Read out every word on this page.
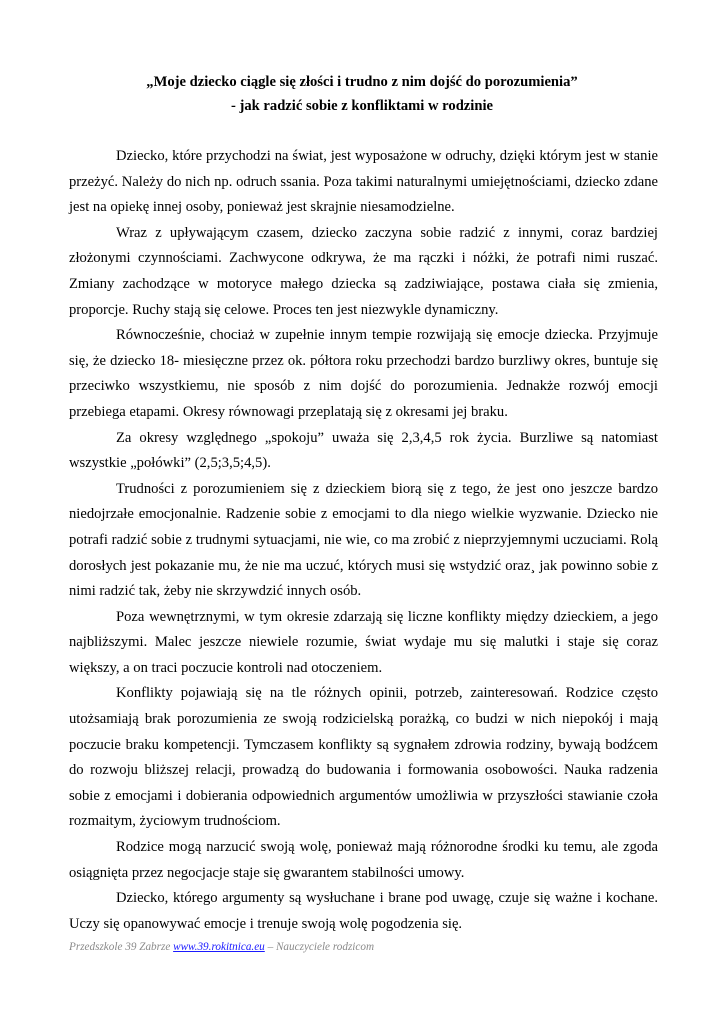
„Moje dziecko ciągle się złości i trudno z nim dojść do porozumienia”
- jak radzić sobie z konfliktami w rodzinie

Dziecko, które przychodzi na świat, jest wyposażone w odruchy, dzięki którym jest w stanie przeżyć. Należy do nich np. odruch ssania. Poza takimi naturalnymi umiejętnościami, dziecko zdane jest na opiekę innej osoby, ponieważ jest skrajnie niesamodzielne.

Wraz z upływającym czasem, dziecko zaczyna sobie radzić z innymi, coraz bardziej złożonymi czynnościami. Zachwycone odkrywa, że ma rączki i nóżki, że potrafi nimi ruszać. Zmiany zachodzące w motoryce małego dziecka są zadziwiające, postawa ciała się zmienia, proporcje. Ruchy stają się celowe. Proces ten jest niezwykle dynamiczny.

Równocześnie, chociaż w zupełnie innym tempie rozwijają się emocje dziecka. Przyjmuje się, że dziecko 18- miesięczne przez ok. półtora roku przechodzi bardzo burzliwy okres, buntuje się przeciwko wszystkiemu, nie sposób z nim dojść do porozumienia. Jednakże rozwój emocji przebiega etapami. Okresy równowagi przeplatają się z okresami jej braku.

Za okresy względnego „spokoju” uważa się 2,3,4,5 rok życia. Burzliwe są natomiast wszystkie „połówki” (2,5;3,5;4,5).

Trudności z porozumieniem się z dzieckiem biorą się z tego, że jest ono jeszcze bardzo niedojrzałe emocjonalnie. Radzenie sobie z emocjami to dla niego wielkie wyzwanie. Dziecko nie potrafi radzić sobie z trudnymi sytuacjami, nie wie, co ma zrobić z nieprzyjemnymi uczuciami. Rolą dorosłych jest pokazanie mu, że nie ma uczuć, których musi się wstydzić oraz¸ jak powinno sobie z nimi radzić tak, żeby nie skrzywdzić innych osób.

Poza wewnętrznymi, w tym okresie zdarzają się liczne konflikty między dzieckiem, a jego najbliższymi. Malec jeszcze niewiele rozumie, świat wydaje mu się malutki i staje się coraz większy, a on traci poczucie kontroli nad otoczeniem.

Konflikty pojawiają się na tle różnych opinii, potrzeb, zainteresowań. Rodzice często utożsamiają brak porozumienia ze swoją rodzicielską porażką, co budzi w nich niepokój i mają poczucie braku kompetencji. Tymczasem konflikty są sygnałem zdrowia rodziny, bywają bodźcem do rozwoju bliższej relacji, prowadzą do budowania i formowania osobowości. Nauka radzenia sobie z emocjami i dobierania odpowiednich argumentów umożliwia w przyszłości stawianie czoła rozmaitym, życiowym trudnościom.

Rodzice mogą narzucić swoją wolę, ponieważ mają różnorodne środki ku temu, ale zgoda osiągnięta przez negocjacje staje się gwarantem stabilności umowy.

Dziecko, którego argumenty są wysłuchane i brane pod uwagę, czuje się ważne i kochane. Uczy się opanowywać emocje i trenuje swoją wolę pogodzenia się.

Przedszkole 39 Zabrze www.39.rokitnica.eu – Nauczyciele rodzicom
